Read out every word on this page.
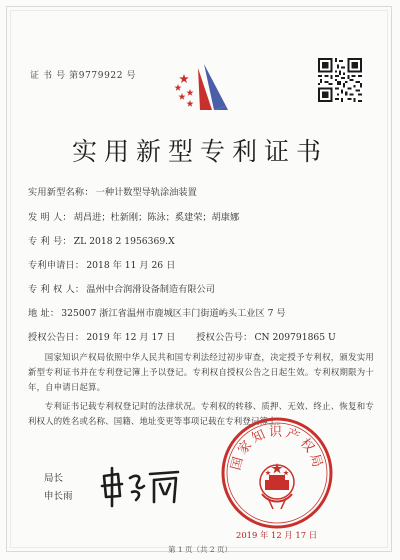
证 书 号 第9779922 号
实用新型专利证书
实用新型名称： 一种计数型导轨涂油装置
发 明 人： 胡昌进；杜新刚；陈泳；奚建荣；胡康娜
专 利 号： ZL 2018 2 1956369.X
专利申请日： 2018 年 11 月 26 日
专 利 权 人： 温州中合润滑设备制造有限公司
地 址： 325007 浙江省温州市鹿城区丰门街道屿头工业区 7 号
授权公告日： 2019 年 12 月 17 日 授权公告号： CN 209791865 U

国家知识产权局依照中华人民共和国专利法经过初步审查，决定授予专利权，颁发实用新型专利证书并在专利登记簿上予以登记。专利权自授权公告之日起生效。专利权期限为十年，自申请日起算。

专利证书记载专利权登记时的法律状况。专利权的转移、质押、无效、终止、恢复和专利权人的姓名或名称、国籍、地址变更等事项记载在专利登记簿上。

局长
申长雨
国家知识产权局
2019 年 12 月 17 日
第 1 页（共 2 页）
